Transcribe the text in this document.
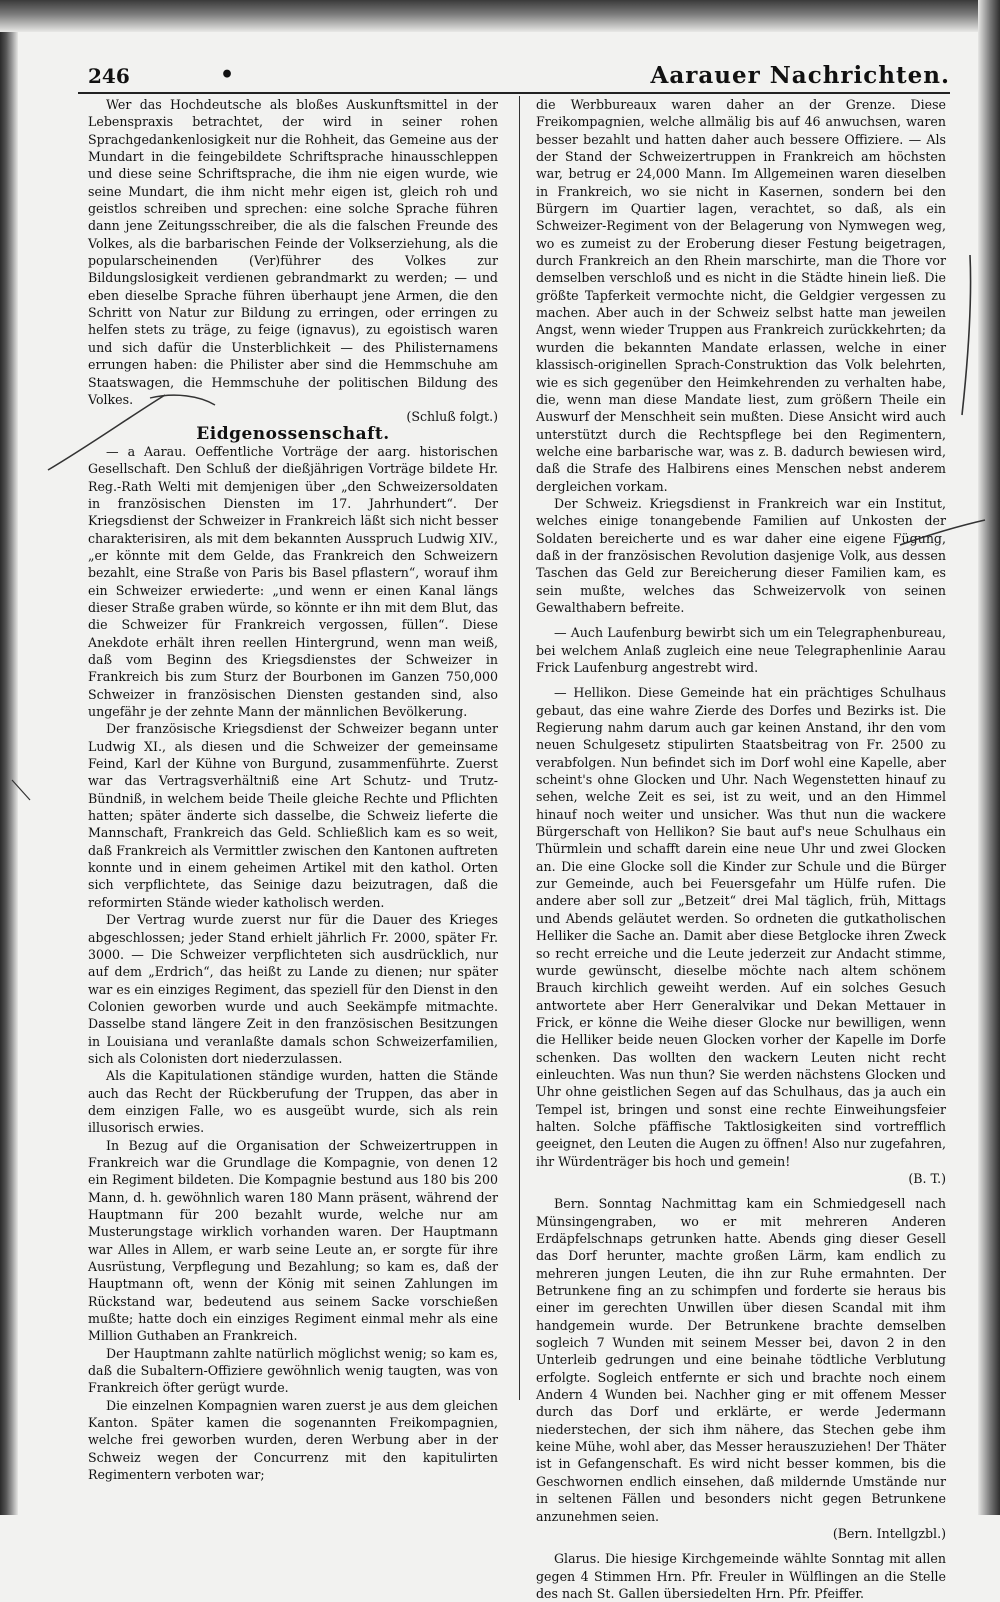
246	•	Aarauer Nachrichten.

Wer das Hochdeutsche als bloßes Auskunftsmittel in der Lebenspraxis betrachtet, der wird in seiner rohen Sprachgedankenlosigkeit nur die Rohheit, das Gemeine aus der Mundart in die feingebildete Schriftsprache hinausschleppen und diese seine Schriftsprache, die ihm nie eigen wurde, wie seine Mundart, die ihm nicht mehr eigen ist, gleich roh und geistlos schreiben und sprechen: eine solche Sprache führen dann jene Zeitungsschreiber, die als die falschen Freunde des Volkes, als die barbarischen Feinde der Volkserziehung, als die popularscheinenden (Ver)führer des Volkes zur Bildungslosigkeit verdienen gebrandmarkt zu werden; — und eben dieselbe Sprache führen überhaupt jene Armen, die den Schritt von Natur zur Bildung zu erringen, oder erringen zu helfen stets zu träge, zu feige (ignavus), zu egoistisch waren und sich dafür die Unsterblichkeit — des Philisternamens errungen haben: die Philister aber sind die Hemmschuhe am Staatswagen, die Hemmschuhe der politischen Bildung des Volkes.

(Schluß folgt.)

Eidgenossenschaft.

— a Aarau. Oeffentliche Vorträge der aarg. historischen Gesellschaft. Den Schluß der dießjährigen Vorträge bildete Hr. Reg.-Rath Welti mit demjenigen über „den Schweizersoldaten in französischen Diensten im 17. Jahrhundert“. Der Kriegsdienst der Schweizer in Frankreich läßt sich nicht besser charakterisiren, als mit dem bekannten Ausspruch Ludwig XIV., „er könnte mit dem Gelde, das Frankreich den Schweizern bezahlt, eine Straße von Paris bis Basel pflastern“, worauf ihm ein Schweizer erwiederte: „und wenn er einen Kanal längs dieser Straße graben würde, so könnte er ihn mit dem Blut, das die Schweizer für Frankreich vergossen, füllen“. Diese Anekdote erhält ihren reellen Hintergrund, wenn man weiß, daß vom Beginn des Kriegsdienstes der Schweizer in Frankreich bis zum Sturz der Bourbonen im Ganzen 750,000 Schweizer in französischen Diensten gestanden sind, also ungefähr je der zehnte Mann der männlichen Bevölkerung.

Der französische Kriegsdienst der Schweizer begann unter Ludwig XI., als diesen und die Schweizer der gemeinsame Feind, Karl der Kühne von Burgund, zusammenführte. Zuerst war das Vertragsverhältniß eine Art Schutz- und Trutz-Bündniß, in welchem beide Theile gleiche Rechte und Pflichten hatten; später änderte sich dasselbe, die Schweiz lieferte die Mannschaft, Frankreich das Geld. Schließlich kam es so weit, daß Frankreich als Vermittler zwischen den Kantonen auftreten konnte und in einem geheimen Artikel mit den kathol. Orten sich verpflichtete, das Seinige dazu beizutragen, daß die reformirten Stände wieder katholisch werden.

Der Vertrag wurde zuerst nur für die Dauer des Krieges abgeschlossen; jeder Stand erhielt jährlich Fr. 2000, später Fr. 3000. — Die Schweizer verpflichteten sich ausdrücklich, nur auf dem „Erdrich“, das heißt zu Lande zu dienen; nur später war es ein einziges Regiment, das speziell für den Dienst in den Colonien geworben wurde und auch Seekämpfe mitmachte. Dasselbe stand längere Zeit in den französischen Besitzungen in Louisiana und veranlaßte damals schon Schweizerfamilien, sich als Colonisten dort niederzulassen.

Als die Kapitulationen ständige wurden, hatten die Stände auch das Recht der Rückberufung der Truppen, das aber in dem einzigen Falle, wo es ausgeübt wurde, sich als rein illusorisch erwies.

In Bezug auf die Organisation der Schweizertruppen in Frankreich war die Grundlage die Kompagnie, von denen 12 ein Regiment bildeten. Die Kompagnie bestund aus 180 bis 200 Mann, d. h. gewöhnlich waren 180 Mann präsent, während der Hauptmann für 200 bezahlt wurde, welche nur am Musterungstage wirklich vorhanden waren. Der Hauptmann war Alles in Allem, er warb seine Leute an, er sorgte für ihre Ausrüstung, Verpflegung und Bezahlung; so kam es, daß der Hauptmann oft, wenn der König mit seinen Zahlungen im Rückstand war, bedeutend aus seinem Sacke vorschießen mußte; hatte doch ein einziges Regiment einmal mehr als eine Million Guthaben an Frankreich.

Der Hauptmann zahlte natürlich möglichst wenig; so kam es, daß die Subaltern-Offiziere gewöhnlich wenig taugten, was von Frankreich öfter gerügt wurde.

Die einzelnen Kompagnien waren zuerst je aus dem gleichen Kanton. Später kamen die sogenannten Freikompagnien, welche frei geworben wurden, deren Werbung aber in der Schweiz wegen der Concurrenz mit den kapitulirten Regimentern verboten war;

die Werbbureaux waren daher an der Grenze. Diese Freikompagnien, welche allmälig bis auf 46 anwuchsen, waren besser bezahlt und hatten daher auch bessere Offiziere. — Als der Stand der Schweizertruppen in Frankreich am höchsten war, betrug er 24,000 Mann. Im Allgemeinen waren dieselben in Frankreich, wo sie nicht in Kasernen, sondern bei den Bürgern im Quartier lagen, verachtet, so daß, als ein Schweizer-Regiment von der Belagerung von Nymwegen weg, wo es zumeist zu der Eroberung dieser Festung beigetragen, durch Frankreich an den Rhein marschirte, man die Thore vor demselben verschloß und es nicht in die Städte hinein ließ. Die größte Tapferkeit vermochte nicht, die Geldgier vergessen zu machen. Aber auch in der Schweiz selbst hatte man jeweilen Angst, wenn wieder Truppen aus Frankreich zurückkehrten; da wurden die bekannten Mandate erlassen, welche in einer klassisch-originellen Sprach-Construktion das Volk belehrten, wie es sich gegenüber den Heimkehrenden zu verhalten habe, die, wenn man diese Mandate liest, zum größern Theile ein Auswurf der Menschheit sein mußten. Diese Ansicht wird auch unterstützt durch die Rechtspflege bei den Regimentern, welche eine barbarische war, was z. B. dadurch bewiesen wird, daß die Strafe des Halbirens eines Menschen nebst anderem dergleichen vorkam.

Der Schweiz. Kriegsdienst in Frankreich war ein Institut, welches einige tonangebende Familien auf Unkosten der Soldaten bereicherte und es war daher eine eigene Fügung, daß in der französischen Revolution dasjenige Volk, aus dessen Taschen das Geld zur Bereicherung dieser Familien kam, es sein mußte, welches das Schweizervolk von seinen Gewalthabern befreite.

— Auch Laufenburg bewirbt sich um ein Telegraphenbureau, bei welchem Anlaß zugleich eine neue Telegraphenlinie Aarau Frick Laufenburg angestrebt wird.

— Hellikon. Diese Gemeinde hat ein prächtiges Schulhaus gebaut, das eine wahre Zierde des Dorfes und Bezirks ist. Die Regierung nahm darum auch gar keinen Anstand, ihr den vom neuen Schulgesetz stipulirten Staatsbeitrag von Fr. 2500 zu verabfolgen. Nun befindet sich im Dorf wohl eine Kapelle, aber scheint's ohne Glocken und Uhr. Nach Wegenstetten hinauf zu sehen, welche Zeit es sei, ist zu weit, und an den Himmel hinauf noch weiter und unsicher. Was thut nun die wackere Bürgerschaft von Hellikon? Sie baut auf's neue Schulhaus ein Thürmlein und schafft darein eine neue Uhr und zwei Glocken an. Die eine Glocke soll die Kinder zur Schule und die Bürger zur Gemeinde, auch bei Feuersgefahr um Hülfe rufen. Die andere aber soll zur „Betzeit“ drei Mal täglich, früh, Mittags und Abends geläutet werden. So ordneten die gutkatholischen Helliker die Sache an. Damit aber diese Betglocke ihren Zweck so recht erreiche und die Leute jederzeit zur Andacht stimme, wurde gewünscht, dieselbe möchte nach altem schönem Brauch kirchlich geweiht werden. Auf ein solches Gesuch antwortete aber Herr Generalvikar und Dekan Mettauer in Frick, er könne die Weihe dieser Glocke nur bewilligen, wenn die Helliker beide neuen Glocken vorher der Kapelle im Dorfe schenken. Das wollten den wackern Leuten nicht recht einleuchten. Was nun thun? Sie werden nächstens Glocken und Uhr ohne geistlichen Segen auf das Schulhaus, das ja auch ein Tempel ist, bringen und sonst eine rechte Einweihungsfeier halten. Solche pfäffische Taktlosigkeiten sind vortrefflich geeignet, den Leuten die Augen zu öffnen! Also nur zugefahren, ihr Würdenträger bis hoch und gemein!

(B. T.)

Bern. Sonntag Nachmittag kam ein Schmiedgesell nach Münsingengraben, wo er mit mehreren Anderen Erdäpfelschnaps getrunken hatte. Abends ging dieser Gesell das Dorf herunter, machte großen Lärm, kam endlich zu mehreren jungen Leuten, die ihn zur Ruhe ermahnten. Der Betrunkene fing an zu schimpfen und forderte sie heraus bis einer im gerechten Unwillen über diesen Scandal mit ihm handgemein wurde. Der Betrunkene brachte demselben sogleich 7 Wunden mit seinem Messer bei, davon 2 in den Unterleib gedrungen und eine beinahe tödtliche Verblutung erfolgte. Sogleich entfernte er sich und brachte noch einem Andern 4 Wunden bei. Nachher ging er mit offenem Messer durch das Dorf und erklärte, er werde Jedermann niederstechen, der sich ihm nähere, das Stechen gebe ihm keine Mühe, wohl aber, das Messer herauszuziehen! Der Thäter ist in Gefangenschaft. Es wird nicht besser kommen, bis die Geschwornen endlich einsehen, daß mildernde Umstände nur in seltenen Fällen und besonders nicht gegen Betrunkene anzunehmen seien.

(Bern. Intellgzbl.)

Glarus. Die hiesige Kirchgemeinde wählte Sonntag mit allen gegen 4 Stimmen Hrn. Pfr. Freuler in Wülflingen an die Stelle des nach St. Gallen übersiedelten Hrn. Pfr. Pfeiffer.
